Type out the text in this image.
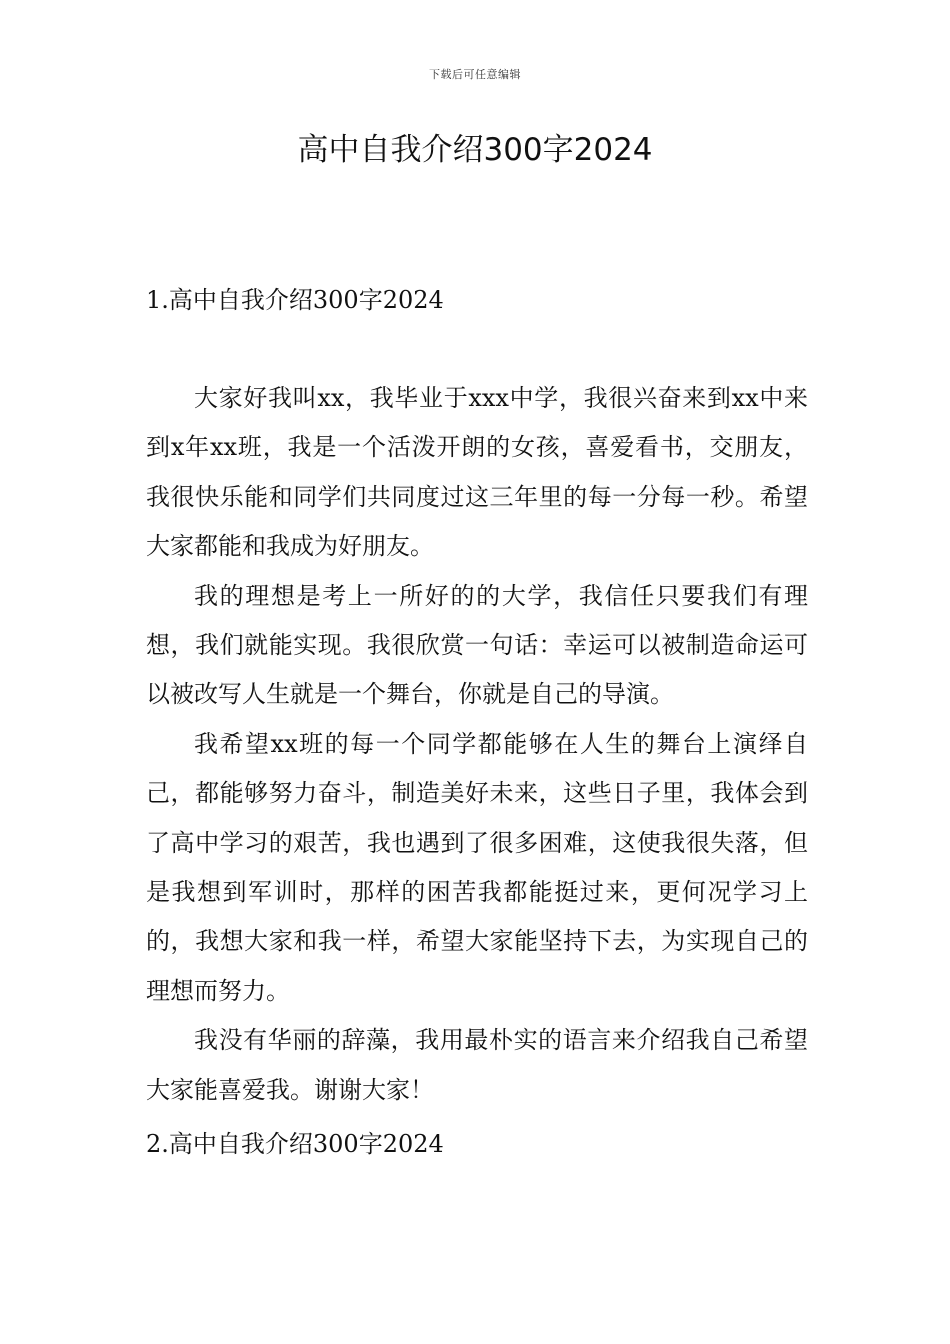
下载后可任意编辑
高中自我介绍300字2024

1.高中自我介绍300字2024

大家好我叫xx，我毕业于xxx中学，我很兴奋来到xx中来到x年xx班，我是一个活泼开朗的女孩，喜爱看书，交朋友，我很快乐能和同学们共同度过这三年里的每一分每一秒。希望大家都能和我成为好朋友。

我的理想是考上一所好的的大学，我信任只要我们有理想，我们就能实现。我很欣赏一句话：幸运可以被制造命运可以被改写人生就是一个舞台，你就是自己的导演。

我希望xx班的每一个同学都能够在人生的舞台上演绎自己，都能够努力奋斗，制造美好未来，这些日子里，我体会到了高中学习的艰苦，我也遇到了很多困难，这使我很失落，但是我想到军训时，那样的困苦我都能挺过来，更何况学习上的，我想大家和我一样，希望大家能坚持下去，为实现自己的理想而努力。

我没有华丽的辞藻，我用最朴实的语言来介绍我自己希望大家能喜爱我。谢谢大家！

2.高中自我介绍300字2024
